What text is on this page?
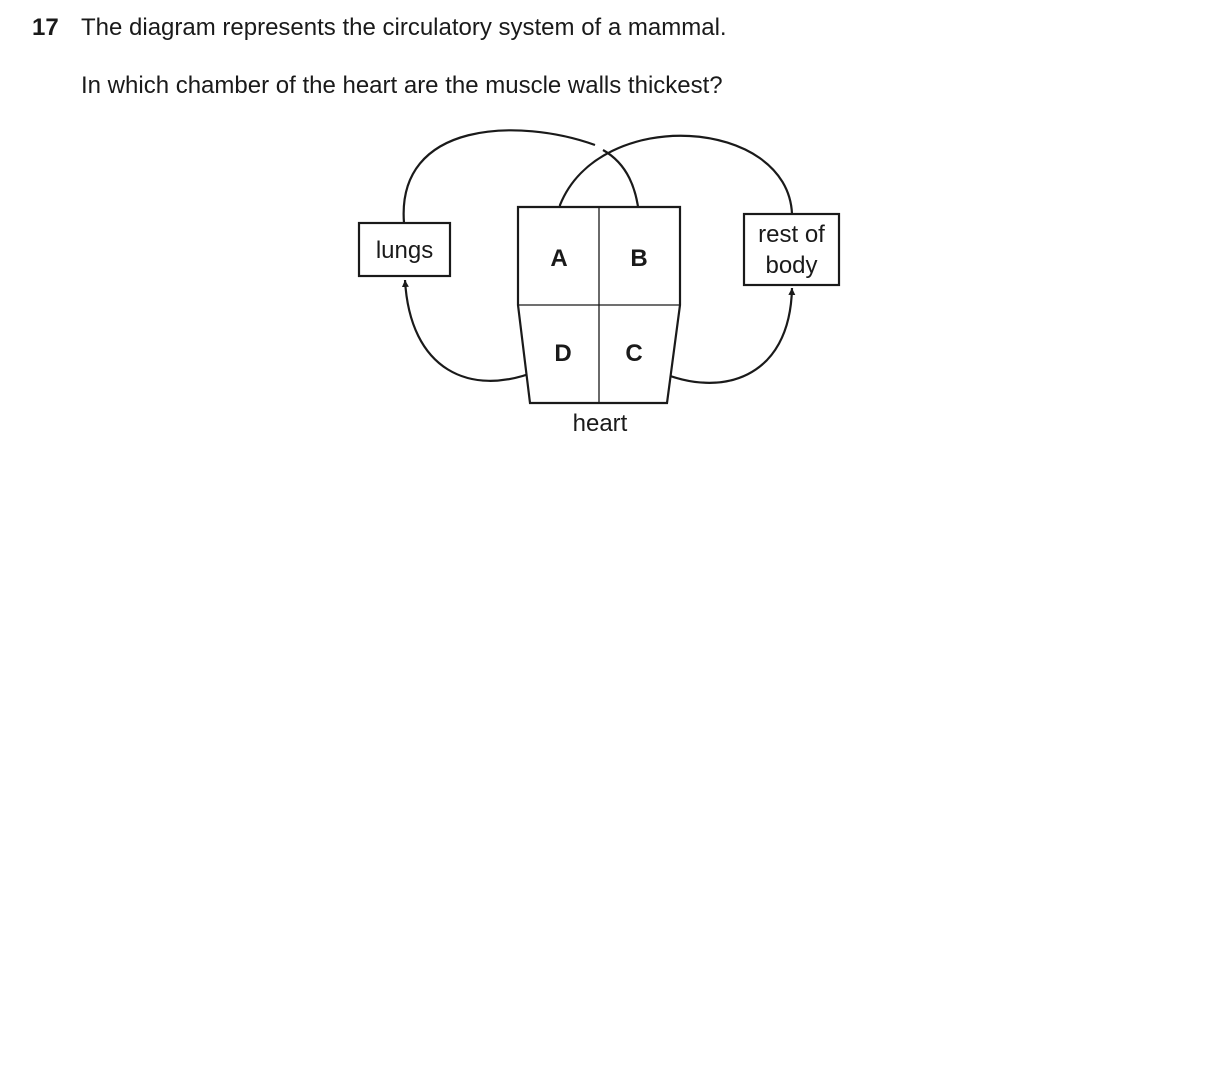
17 The diagram represents the circulatory system of a mammal.
In which chamber of the heart are the muscle walls thickest?
lungs
rest of
body
A	B
D C
heart
